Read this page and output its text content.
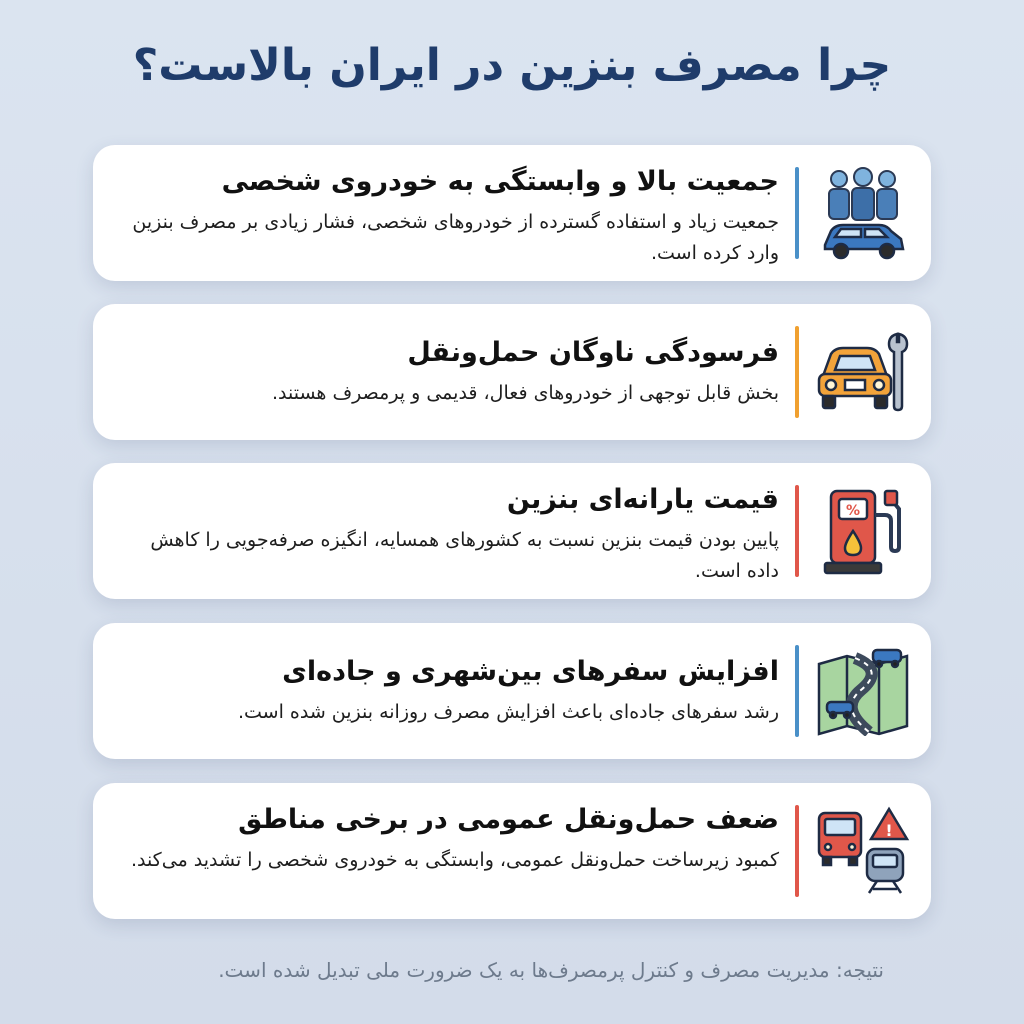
چرا مصرف بنزین در ایران بالاست؟
جمعیت بالا و وابستگی به خودروی شخصی

جمعیت زیاد و استفاده گسترده از خودروهای شخصی، فشار زیادی بر مصرف بنزین وارد کرده است.

فرسودگی ناوگان حمل‌ونقل

بخش قابل توجهی از خودروهای فعال، قدیمی و پرمصرف هستند.

%
قیمت یارانه‌ای بنزین

پایین بودن قیمت بنزین نسبت به کشورهای همسایه، انگیزه صرفه‌جویی را کاهش داده است.

افزایش سفرهای بین‌شهری و جاده‌ای

رشد سفرهای جاده‌ای باعث افزایش مصرف روزانه بنزین شده است.

!
ضعف حمل‌ونقل عمومی در برخی مناطق

کمبود زیرساخت حمل‌ونقل عمومی، وابستگی به خودروی شخصی را تشدید می‌کند.

نتیجه: مدیریت مصرف و کنترل پرمصرف‌ها به یک ضرورت ملی تبدیل شده است.
